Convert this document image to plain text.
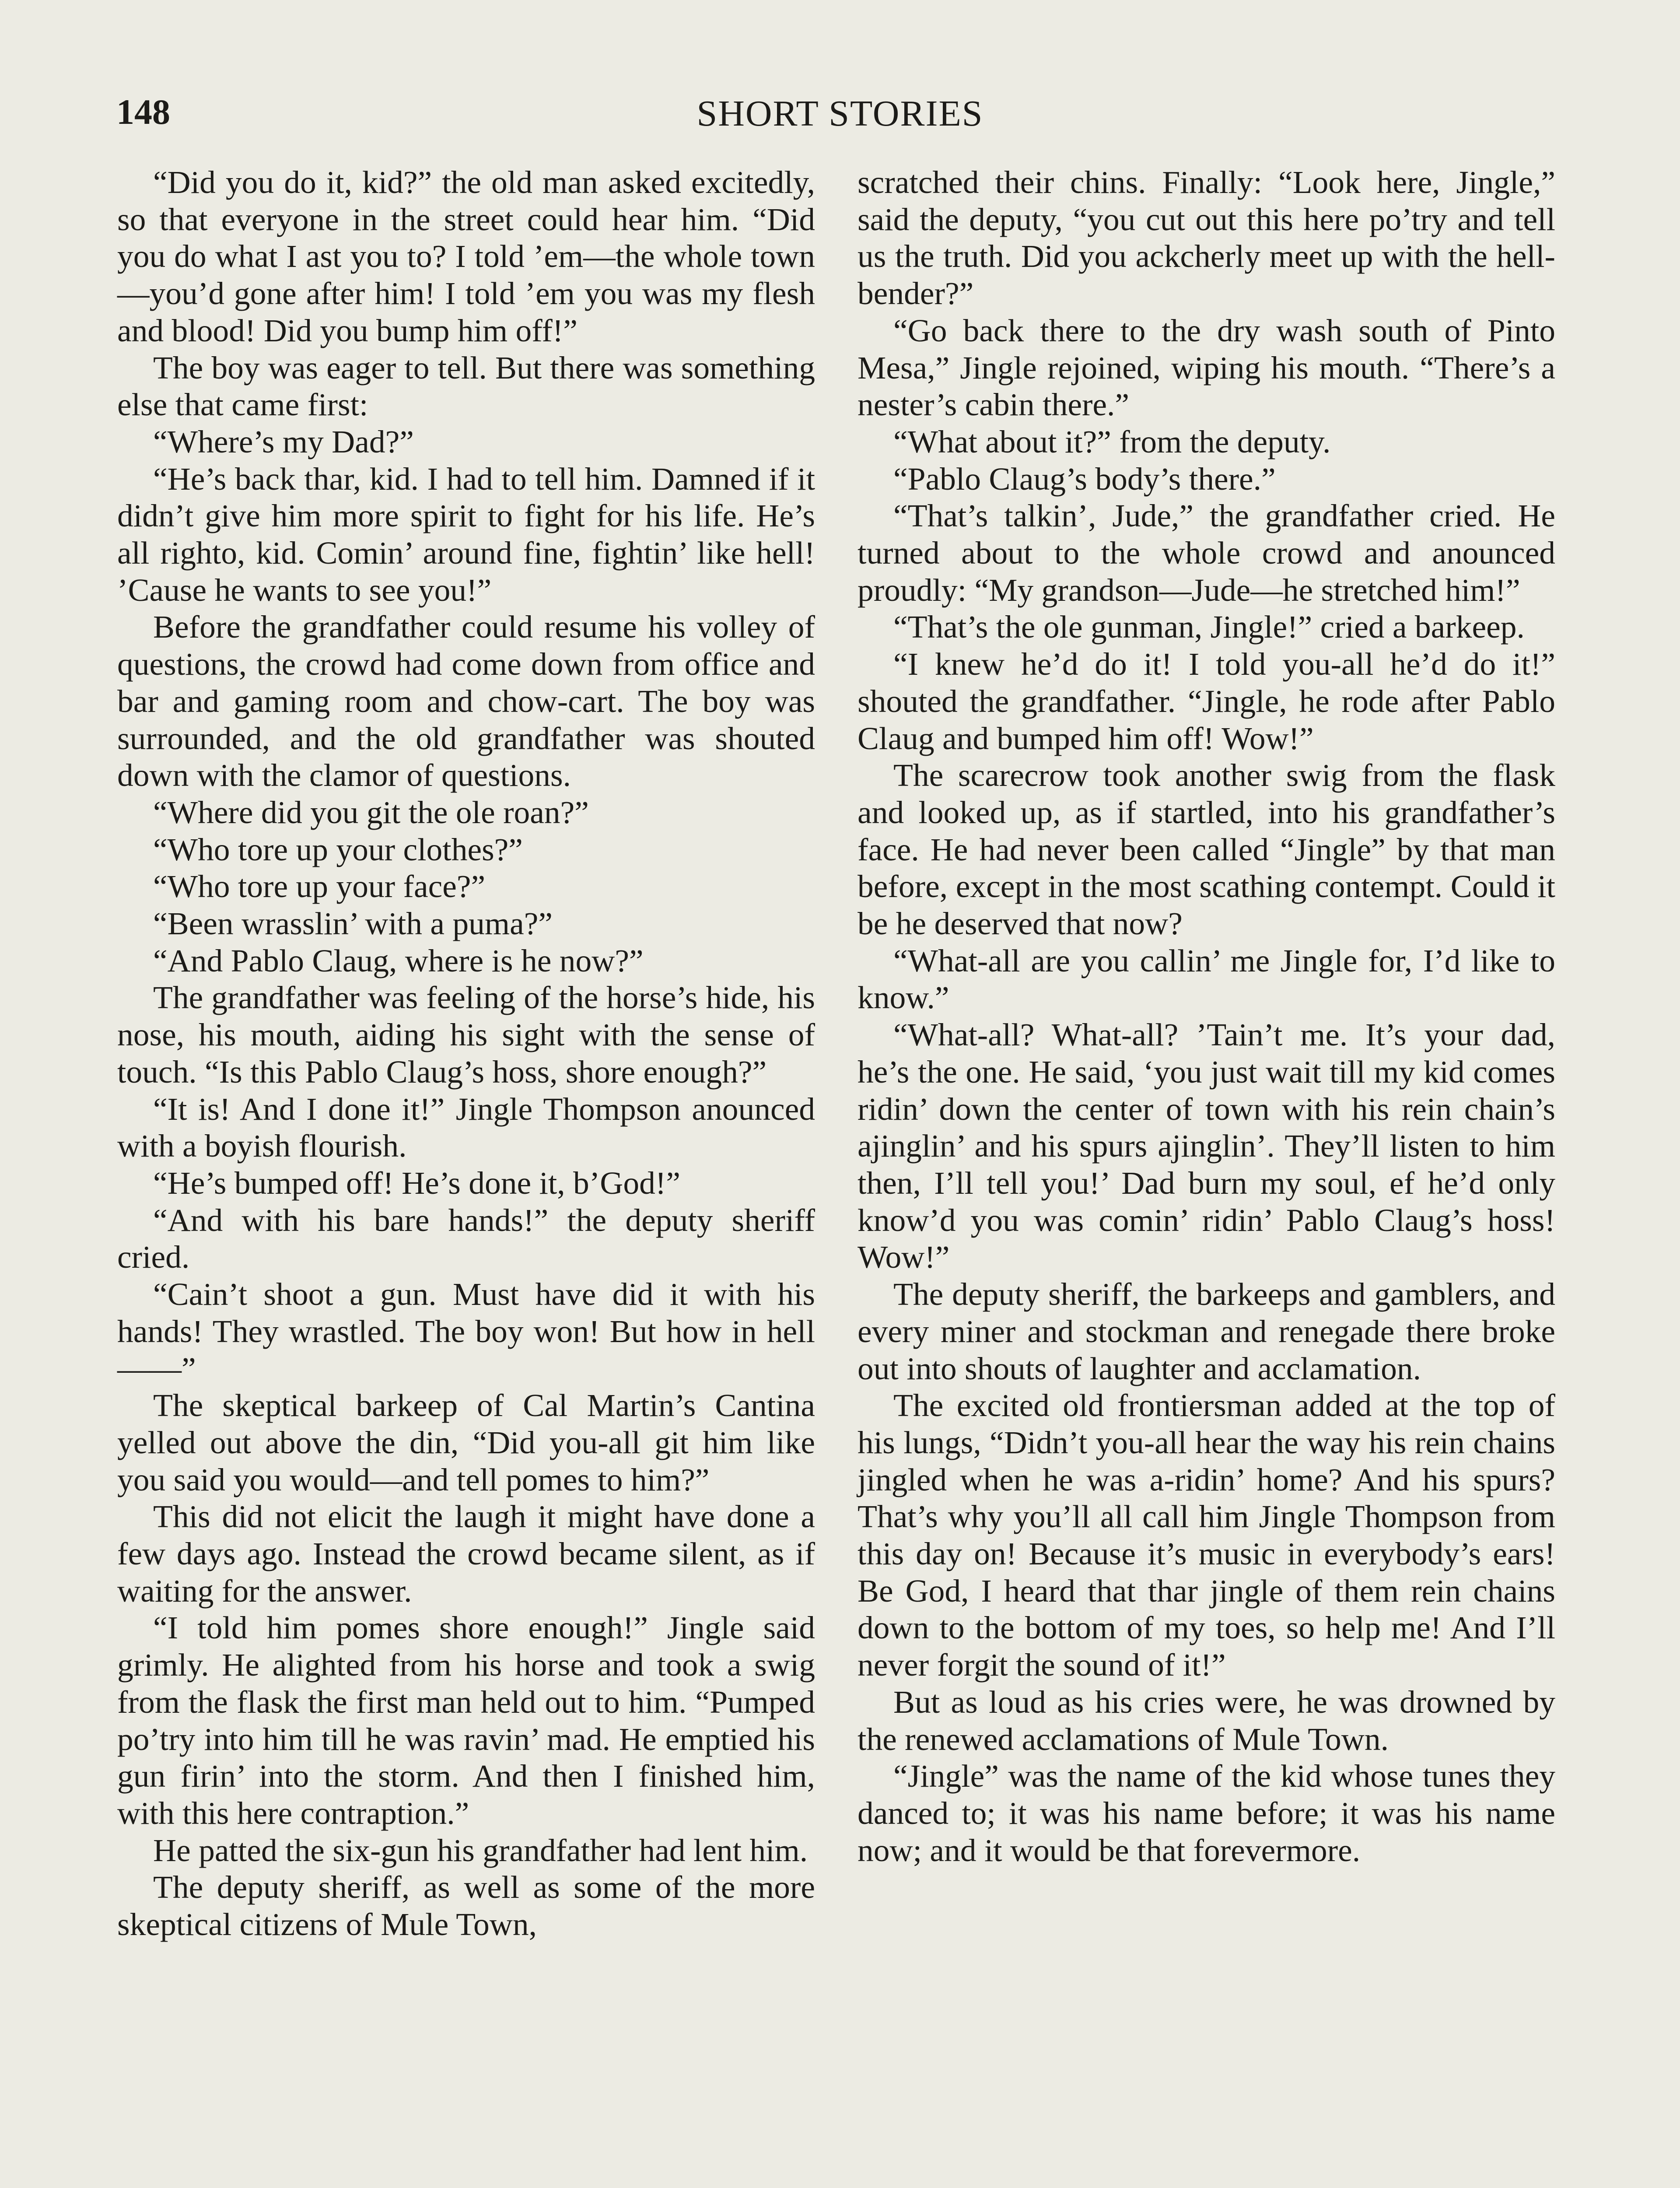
148	SHORT STORIES

“Did you do it, kid?” the old man asked excitedly, so that everyone in the street could hear him. “Did you do what I ast you to? I told ’em—the whole town—you’d gone after him! I told ’em you was my flesh and blood! Did you bump him off!”

The boy was eager to tell. But there was something else that came first:

“Where’s my Dad?”

“He’s back thar, kid. I had to tell him. Damned if it didn’t give him more spirit to fight for his life. He’s all righto, kid. Comin’ around fine, fightin’ like hell! ’Cause he wants to see you!”

Before the grandfather could resume his volley of questions, the crowd had come down from office and bar and gaming room and chow-cart. The boy was surrounded, and the old grandfather was shouted down with the clamor of questions.

“Where did you git the ole roan?”

“Who tore up your clothes?”

“Who tore up your face?”

“Been wrasslin’ with a puma?”

“And Pablo Claug, where is he now?”

The grandfather was feeling of the horse’s hide, his nose, his mouth, aiding his sight with the sense of touch. “Is this Pablo Claug’s hoss, shore enough?”

“It is! And I done it!” Jingle Thompson anounced with a boyish flourish.

“He’s bumped off! He’s done it, b’God!”

“And with his bare hands!” the deputy sheriff cried.

“Cain’t shoot a gun. Must have did it with his hands! They wrastled. The boy won! But how in hell——”

The skeptical barkeep of Cal Martin’s Cantina yelled out above the din, “Did you-all git him like you said you would—and tell pomes to him?”

This did not elicit the laugh it might have done a few days ago. Instead the crowd became silent, as if waiting for the answer.

“I told him pomes shore enough!” Jingle said grimly. He alighted from his horse and took a swig from the flask the first man held out to him. “Pumped po’try into him till he was ravin’ mad. He emptied his gun firin’ into the storm. And then I finished him, with this here contraption.”

He patted the six-gun his grandfather had lent him.

The deputy sheriff, as well as some of the more skeptical citizens of Mule Town,

scratched their chins. Finally: “Look here, Jingle,” said the deputy, “you cut out this here po’try and tell us the truth. Did you ackcherly meet up with the hell-bender?”

“Go back there to the dry wash south of Pinto Mesa,” Jingle rejoined, wiping his mouth. “There’s a nester’s cabin there.”

“What about it?” from the deputy.

“Pablo Claug’s body’s there.”

“That’s talkin’, Jude,” the grandfather cried. He turned about to the whole crowd and anounced proudly: “My grandson—Jude—he stretched him!”

“That’s the ole gunman, Jingle!” cried a barkeep.

“I knew he’d do it! I told you-all he’d do it!” shouted the grandfather. “Jingle, he rode after Pablo Claug and bumped him off! Wow!”

The scarecrow took another swig from the flask and looked up, as if startled, into his grandfather’s face. He had never been called “Jingle” by that man before, except in the most scathing contempt. Could it be he deserved that now?

“What-all are you callin’ me Jingle for, I’d like to know.”

“What-all? What-all? ’Tain’t me. It’s your dad, he’s the one. He said, ‘you just wait till my kid comes ridin’ down the center of town with his rein chain’s ajinglin’ and his spurs ajinglin’. They’ll listen to him then, I’ll tell you!’ Dad burn my soul, ef he’d only know’d you was comin’ ridin’ Pablo Claug’s hoss! Wow!”

The deputy sheriff, the barkeeps and gamblers, and every miner and stockman and renegade there broke out into shouts of laughter and acclamation.

The excited old frontiersman added at the top of his lungs, “Didn’t you-all hear the way his rein chains jingled when he was a-ridin’ home? And his spurs? That’s why you’ll all call him Jingle Thompson from this day on! Because it’s music in everybody’s ears! Be God, I heard that thar jingle of them rein chains down to the bottom of my toes, so help me! And I’ll never forgit the sound of it!”

But as loud as his cries were, he was drowned by the renewed acclamations of Mule Town.

“Jingle” was the name of the kid whose tunes they danced to; it was his name before; it was his name now; and it would be that forevermore.
